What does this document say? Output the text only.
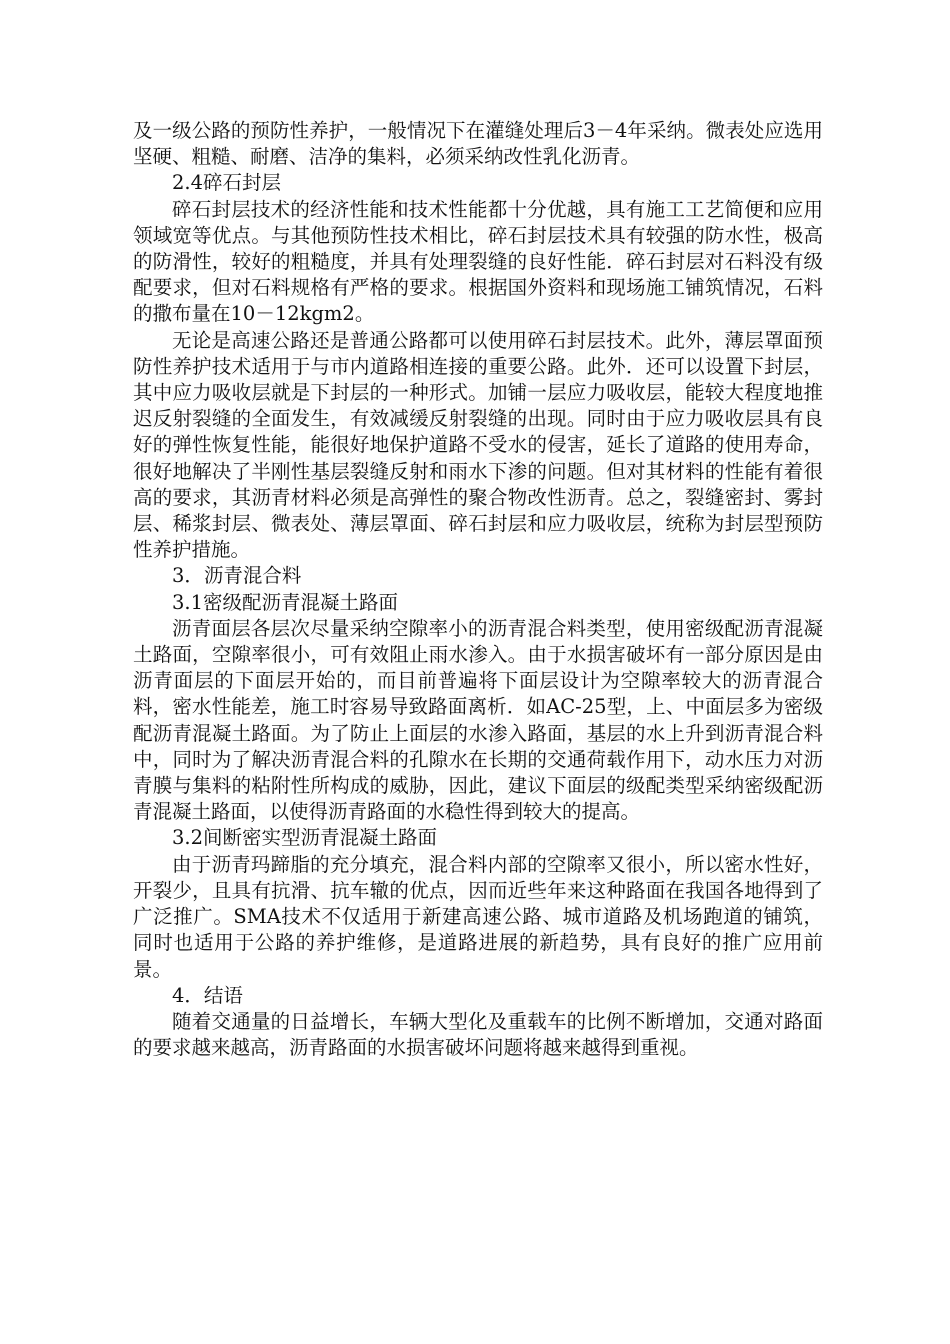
及一级公路的预防性养护，一般情况下在灌缝处理后3－4年采纳。微表处应选用坚硬、粗糙、耐磨、洁净的集料，必须采纳改性乳化沥青。

2.4碎石封层

碎石封层技术的经济性能和技术性能都十分优越，具有施工工艺简便和应用领域宽等优点。与其他预防性技术相比，碎石封层技术具有较强的防水性，极高的防滑性，较好的粗糙度，并具有处理裂缝的良好性能．碎石封层对石料没有级配要求，但对石料规格有严格的要求。根据国外资料和现场施工铺筑情况，石料的撒布量在10－12kgm2。

无论是高速公路还是普通公路都可以使用碎石封层技术。此外，薄层罩面预防性养护技术适用于与市内道路相连接的重要公路。此外．还可以设置下封层，其中应力吸收层就是下封层的一种形式。加铺一层应力吸收层，能较大程度地推迟反射裂缝的全面发生，有效减缓反射裂缝的出现。同时由于应力吸收层具有良好的弹性恢复性能，能很好地保护道路不受水的侵害，延长了道路的使用寿命，很好地解决了半刚性基层裂缝反射和雨水下渗的问题。但对其材料的性能有着很高的要求，其沥青材料必须是高弹性的聚合物改性沥青。总之，裂缝密封、雾封层、稀浆封层、微表处、薄层罩面、碎石封层和应力吸收层，统称为封层型预防性养护措施。

3．沥青混合料

3.1密级配沥青混凝土路面

沥青面层各层次尽量采纳空隙率小的沥青混合料类型，使用密级配沥青混凝土路面，空隙率很小，可有效阻止雨水渗入。由于水损害破坏有一部分原因是由沥青面层的下面层开始的，而目前普遍将下面层设计为空隙率较大的沥青混合料，密水性能差，施工时容易导致路面离析．如AC-25型，上、中面层多为密级配沥青混凝土路面。为了防止上面层的水渗入路面，基层的水上升到沥青混合料中，同时为了解决沥青混合料的孔隙水在长期的交通荷载作用下，动水压力对沥青膜与集料的粘附性所构成的威胁，因此，建议下面层的级配类型采纳密级配沥青混凝土路面，以使得沥青路面的水稳性得到较大的提高。

3.2间断密实型沥青混凝土路面

由于沥青玛蹄脂的充分填充，混合料内部的空隙率又很小，所以密水性好，开裂少，且具有抗滑、抗车辙的优点，因而近些年来这种路面在我国各地得到了广泛推广。SMA技术不仅适用于新建高速公路、城市道路及机场跑道的铺筑，同时也适用于公路的养护维修，是道路进展的新趋势，具有良好的推广应用前景。

4．结语

随着交通量的日益增长，车辆大型化及重载车的比例不断增加，交通对路面的要求越来越高，沥青路面的水损害破坏问题将越来越得到重视。
